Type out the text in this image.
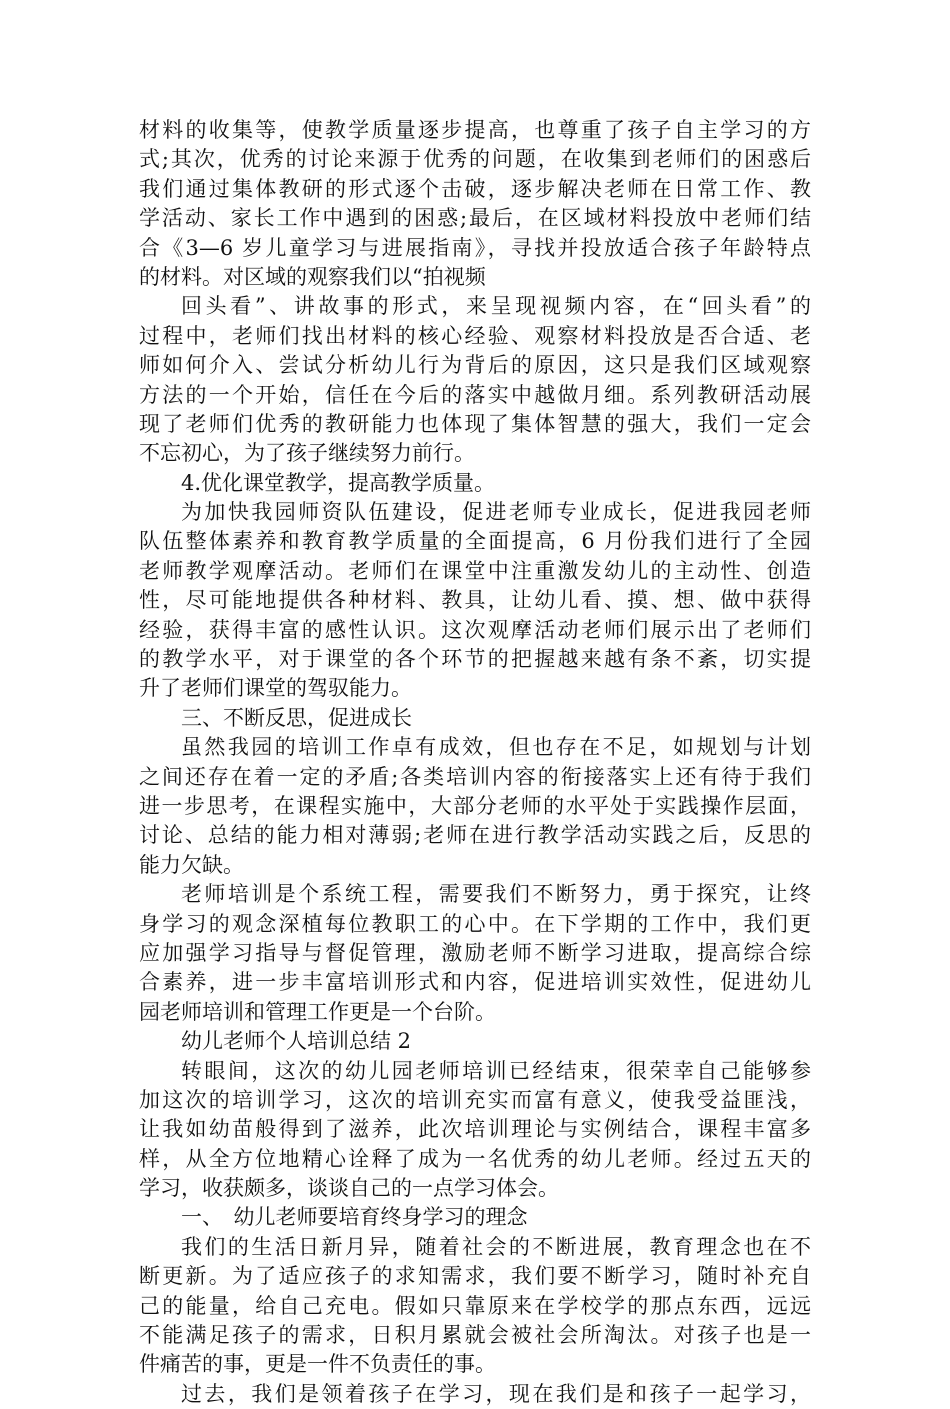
材料的收集等，使教学质量逐步提高，也尊重了孩子自主学习的方
式;其次，优秀的讨论来源于优秀的问题，在收集到老师们的困惑后
我们通过集体教研的形式逐个击破，逐步解决老师在日常工作、教
学活动、家长工作中遇到的困惑;最后，在区域材料投放中老师们结
合《3—6 岁儿童学习与进展指南》，寻找并投放适合孩子年龄特点
的材料。对区域的观察我们以“拍视频
回头看”、讲故事的形式，来呈现视频内容，在“回头看”的
过程中，老师们找出材料的核心经验、观察材料投放是否合适、老
师如何介入、尝试分析幼儿行为背后的原因，这只是我们区域观察
方法的一个开始，信任在今后的落实中越做月细。系列教研活动展
现了老师们优秀的教研能力也体现了集体智慧的强大，我们一定会
不忘初心，为了孩子继续努力前行。
4.优化课堂教学，提高教学质量。
为加快我园师资队伍建设，促进老师专业成长，促进我园老师
队伍整体素养和教育教学质量的全面提高，6 月份我们进行了全园
老师教学观摩活动。老师们在课堂中注重激发幼儿的主动性、创造
性，尽可能地提供各种材料、教具，让幼儿看、摸、想、做中获得
经验，获得丰富的感性认识。这次观摩活动老师们展示出了老师们
的教学水平，对于课堂的各个环节的把握越来越有条不紊，切实提
升了老师们课堂的驾驭能力。
三、不断反思，促进成长
虽然我园的培训工作卓有成效，但也存在不足，如规划与计划
之间还存在着一定的矛盾;各类培训内容的衔接落实上还有待于我们
进一步思考，在课程实施中，大部分老师的水平处于实践操作层面，
讨论、总结的能力相对薄弱;老师在进行教学活动实践之后，反思的
能力欠缺。
老师培训是个系统工程，需要我们不断努力，勇于探究，让终
身学习的观念深植每位教职工的心中。在下学期的工作中，我们更
应加强学习指导与督促管理，激励老师不断学习进取，提高综合综
合素养，进一步丰富培训形式和内容，促进培训实效性，促进幼儿
园老师培训和管理工作更是一个台阶。
幼儿老师个人培训总结 2
转眼间，这次的幼儿园老师培训已经结束，很荣幸自己能够参
加这次的培训学习，这次的培训充实而富有意义，使我受益匪浅，
让我如幼苗般得到了滋养，此次培训理论与实例结合，课程丰富多
样，从全方位地精心诠释了成为一名优秀的幼儿老师。经过五天的
学习，收获颇多，谈谈自己的一点学习体会。
一、　幼儿老师要培育终身学习的理念
我们的生活日新月异，随着社会的不断进展，教育理念也在不
断更新。为了适应孩子的求知需求，我们要不断学习，随时补充自
己的能量，给自己充电。假如只靠原来在学校学的那点东西，远远
不能满足孩子的需求，日积月累就会被社会所淘汰。对孩子也是一
件痛苦的事，更是一件不负责任的事。
过去，我们是领着孩子在学习，现在我们是和孩子一起学习，
